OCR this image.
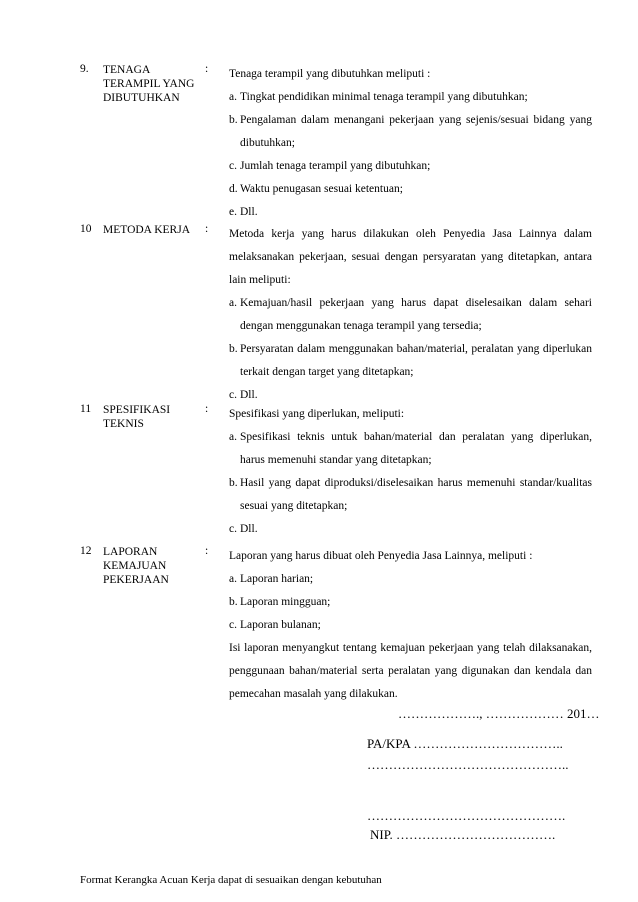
9. TENAGA TERAMPIL YANG DIBUTUHKAN
: Tenaga terampil yang dibutuhkan meliputi :

a. Tingkat pendidikan minimal tenaga terampil yang dibutuhkan;
b. Pengalaman dalam menangani pekerjaan yang sejenis/sesuai bidang yang dibutuhkan;
c. Jumlah tenaga terampil yang dibutuhkan;
d. Waktu penugasan sesuai ketentuan;
e. Dll.
10 METODA KERJA	: Metoda kerja yang harus dilakukan oleh Penyedia Jasa Lainnya dalam melaksanakan pekerjaan, sesuai dengan persyaratan yang ditetapkan, antara lain meliputi:

a. Kemajuan/hasil pekerjaan yang harus dapat diselesaikan dalam sehari dengan menggunakan tenaga terampil yang tersedia;
b. Persyaratan dalam menggunakan bahan/material, peralatan yang diperlukan terkait dengan target yang ditetapkan;
c. Dll.
11 SPESIFIKASI TEKNIS
: Spesifikasi yang diperlukan, meliputi:

a. Spesifikasi teknis untuk bahan/material dan peralatan yang diperlukan, harus memenuhi standar yang ditetapkan;
b. Hasil yang dapat diproduksi/diselesaikan harus memenuhi standar/kualitas sesuai yang ditetapkan;
c. Dll.
12 LAPORAN KEMAJUAN PEKERJAAN
: Laporan yang harus dibuat oleh Penyedia Jasa Lainnya, meliputi :

a. Laporan harian;
b. Laporan mingguan;
c. Laporan bulanan;

Isi laporan menyangkut tentang kemajuan pekerjaan yang telah dilaksanakan, penggunaan bahan/material serta peralatan yang digunakan dan kendala dan pemecahan masalah yang dilakukan.

………………., ……………… 201…
PA/KPA ……………………………..
………………………………………..
……………………………………….
NIP. ……………………………….
Format Kerangka Acuan Kerja dapat di sesuaikan dengan kebutuhan
